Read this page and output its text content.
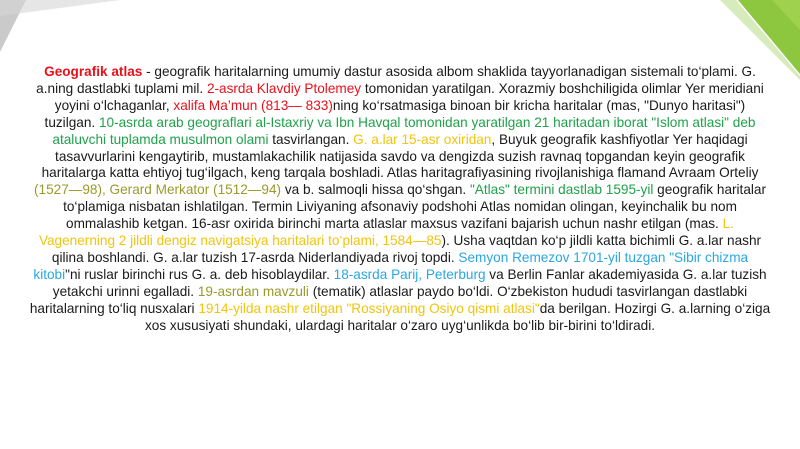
Geografik atlas - geografik haritalarning umumiy dastur asosida albom shaklida tayyorlanadigan sistemali to‘plami. G. a.ning dastlabki tuplami mil. 2-asrda Klavdiy Ptolemey tomonidan yaratilgan. Xorazmiy boshchiligida olimlar Yer meridiani yoyini o‘lchaganlar, xalifa Ma’mun (813— 833)ning ko‘rsatmasiga binoan bir kricha haritalar (mas, "Dunyo haritasi") tuzilgan. 10-asrda arab geograflari al-Istaxriy va Ibn Havqal tomonidan yaratilgan 21 haritadan iborat "Islom atlasi" deb ataluvchi tuplamda musulmon olami tasvirlangan. G. a.lar 15-asr oxiridan, Buyuk geografik kashfiyotlar Yer haqidagi tasavvurlarini kengaytirib, mustamlakachilik natijasida savdo va dengizda suzish ravnaq topgandan keyin geografik haritalarga katta ehtiyoj tug‘ilgach, keng tarqala boshladi. Atlas haritagrafiyasining rivojlanishiga flamand Avraam Orteliy (1527—98), Gerard Merkator (1512—94) va b. salmoqli hissa qo‘shgan. "Atlas" termini dastlab 1595-yil geografik haritalar to‘plamiga nisbatan ishlatilgan. Termin Liviyaning afsonaviy podshohi Atlas nomidan olingan, keyinchalik bu nom ommalashib ketgan. 16-asr oxirida birinchi marta atlaslar maxsus vazifani bajarish uchun nashr etilgan (mas. L. Vagenerning 2 jildli dengiz navigatsiya haritalari to‘plami, 1584—85). Usha vaqtdan ko‘p jildli katta bichimli G. a.lar nashr qilina boshlandi. G. a.lar tuzish 17-asrda Niderlandiyada rivoj topdi. Semyon Remezov 1701-yil tuzgan "Sibir chizma kitobi"ni ruslar birinchi rus G. a. deb hisoblaydilar. 18-asrda Parij, Peterburg va Berlin Fanlar akademiyasida G. a.lar tuzish yetakchi urinni egalladi. 19-asrdan mavzuli (tematik) atlaslar paydo bo‘ldi. O‘zbekiston hududi tasvirlangan dastlabki haritalarning to‘liq nusxalari 1914-yilda nashr etilgan "Rossiyaning Osiyo qismi atlasi"da berilgan. Hozirgi G. a.larning o‘ziga xos xususiyati shundaki, ulardagi haritalar o‘zaro uyg‘unlikda bo‘lib bir-birini to‘ldiradi.
